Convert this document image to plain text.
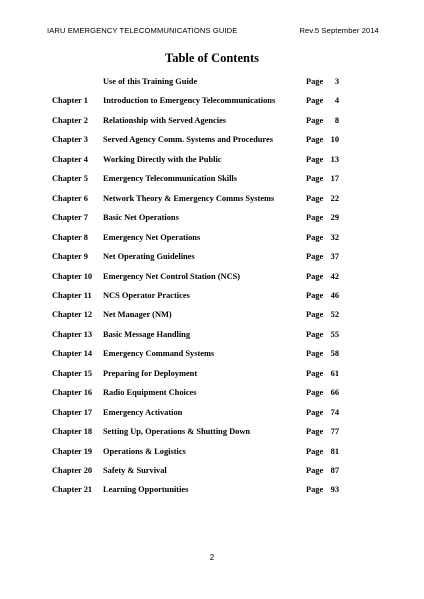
IARU EMERGENCY TELECOMMUNICATIONS GUIDE	Rev.5 September 2014
Table of Contents
Use of this Training Guide	Page 3
Chapter 1 Introduction to Emergency Telecommunications	Page 4
Chapter 2 Relationship with Served Agencies	Page 8
Chapter 3 Served Agency Comm. Systems and Procedures	Page 10
Chapter 4 Working Directly with the Public	Page 13
Chapter 5 Emergency Telecommunication Skills	Page 17
Chapter 6 Network Theory & Emergency Comms Systems	Page 22
Chapter 7 Basic Net Operations	Page 29
Chapter 8 Emergency Net Operations	Page 32
Chapter 9 Net Operating Guidelines	Page 37
Chapter 10 Emergency Net Control Station (NCS)	Page 42
Chapter 11 NCS Operator Practices	Page 46
Chapter 12 Net Manager (NM)	Page 52
Chapter 13 Basic Message Handling	Page 55
Chapter 14 Emergency Command Systems	Page 58
Chapter 15 Preparing for Deployment	Page 61
Chapter 16 Radio Equipment Choices	Page 66
Chapter 17 Emergency Activation	Page 74
Chapter 18 Setting Up, Operations & Shutting Down	Page 77
Chapter 19 Operations & Logistics	Page 81
Chapter 20 Safety & Survival	Page 87
Chapter 21 Learning Opportunities	Page 93
2
